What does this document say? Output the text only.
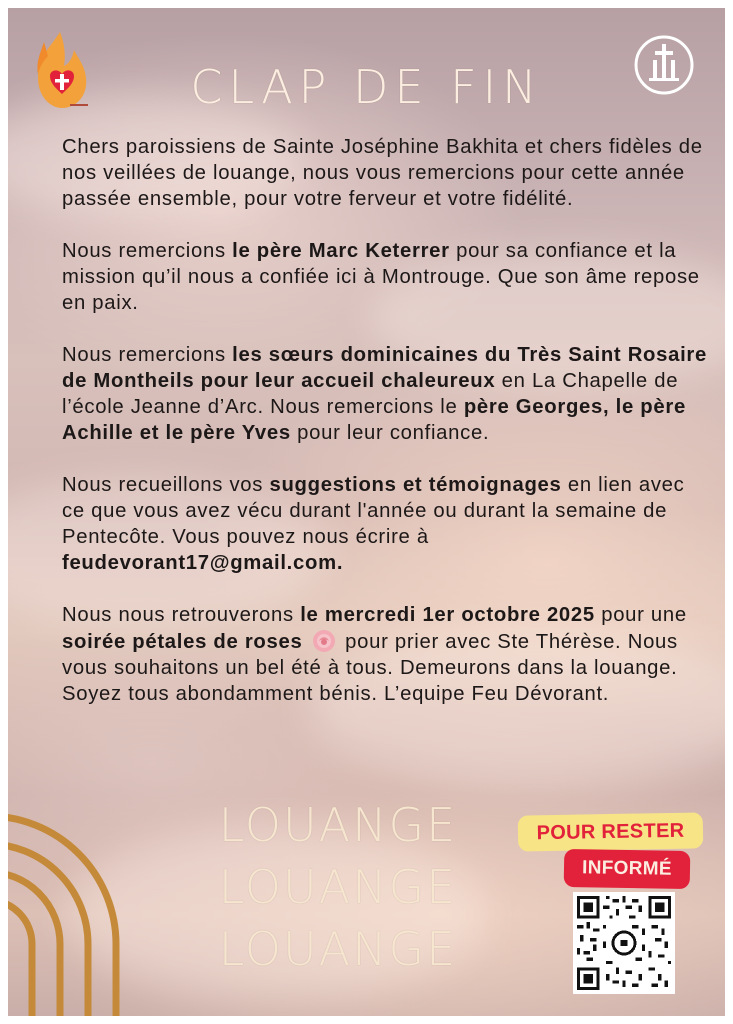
CLAP DE FIN

Chers paroissiens de Sainte Joséphine Bakhita et chers fidèles de nos veillées de louange, nous vous remercions pour cette année passée ensemble, pour votre ferveur et votre fidélité.

Nous remercions le père Marc Keterrer pour sa confiance et la mission qu’il nous a confiée ici à Montrouge. Que son âme repose en paix.

Nous remercions les sœurs dominicaines du Très Saint Rosaire de Montheils pour leur accueil chaleureux en La Chapelle de l’école Jeanne d’Arc. Nous remercions le père Georges, le père Achille et le père Yves pour leur confiance.

Nous recueillons vos suggestions et témoignages en lien avec ce que vous avez vécu durant l'année ou durant la semaine de Pentecôte. Vous pouvez nous écrire à feudevorant17@gmail.com.

Nous nous retrouverons le mercredi 1er octobre 2025 pour une soirée pétales de roses  pour prier avec Ste Thérèse. Nous vous souhaitons un bel été à tous. Demeurons dans la louange. Soyez tous abondamment bénis. L’equipe Feu Dévorant.

LOUANGE
LOUANGE
LOUANGE
POUR RESTER
INFORMÉ
